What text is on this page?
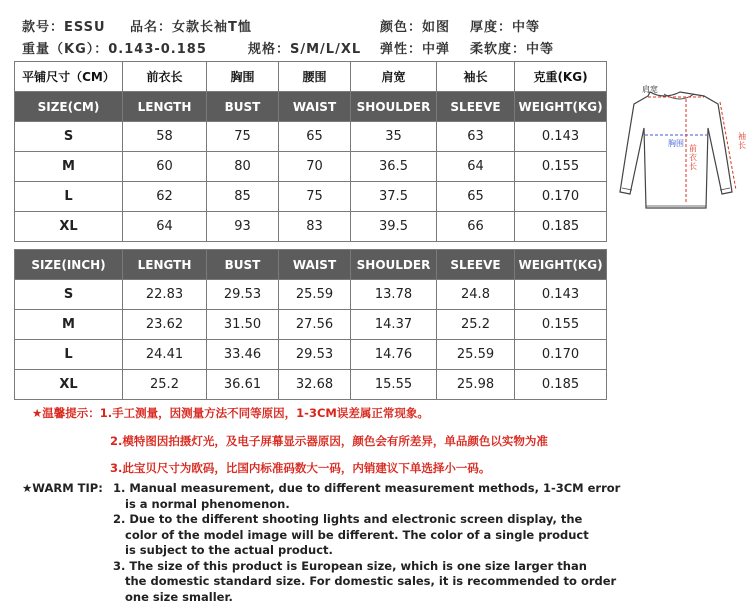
款号：ESSU 品名：女款长袖T恤	颜色：如图 厚度：中等
重量（KG）：0.143-0.185	规格：S/M/L/XL 弹性：中弹 柔软度：中等
平铺尺寸（CM）	前衣长	胸围	腰围	肩宽	袖长	克重(KG)
SIZE(CM)	LENGTH	BUST	WAIST	SHOULDER	SLEEVE	WEIGHT(KG)
S	58	75	65	35	63	0.143
M	60	80	70	36.5	64	0.155
L	62	85	75	37.5	65	0.170
XL	64	93	83	39.5	66	0.185
SIZE(INCH)	LENGTH	BUST	WAIST	SHOULDER	SLEEVE	WEIGHT(KG)
S	22.83	29.53	25.59	13.78	24.8	0.143
M	23.62	31.50	27.56	14.37	25.2	0.155
L	24.41	33.46	29.53	14.76	25.59	0.170
XL	25.2	36.61	32.68	15.55	25.98	0.185
肩宽
胸围
前衣长
袖长
★温馨提示：1.手工测量，因测量方法不同等原因，1-3CM误差属正常现象。
2.模特图因拍摄灯光，及电子屏幕显示器原因，颜色会有所差异，单品颜色以实物为准
3.此宝贝尺寸为欧码，比国内标准码数大一码，内销建议下单选择小一码。
★WARM TIP: 1. Manual measurement, due to different measurement methods, 1-3CM error
is a normal phenomenon.
2. Due to the different shooting lights and electronic screen display, the
color of the model image will be different. The color of a single product
is subject to the actual product.
3. The size of this product is European size, which is one size larger than
the domestic standard size. For domestic sales, it is recommended to order
one size smaller.
